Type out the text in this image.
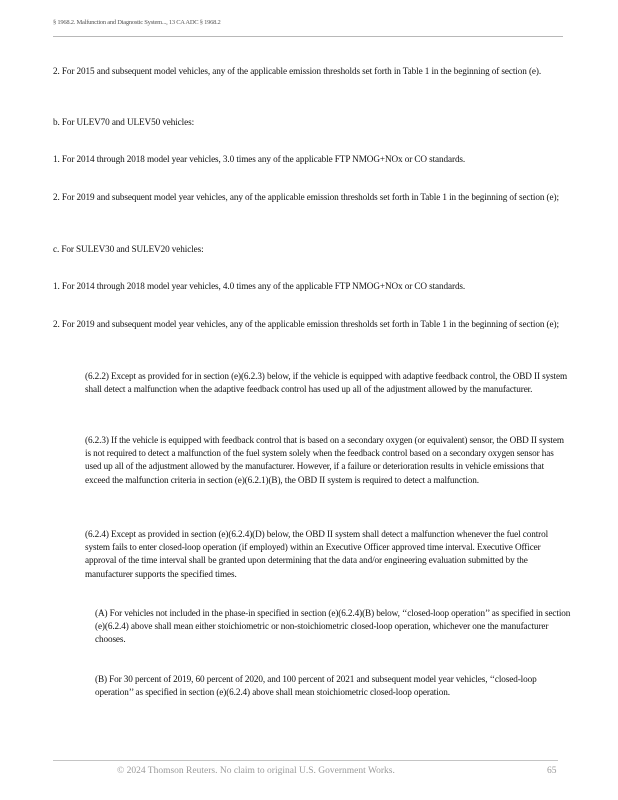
§ 1968.2. Malfunction and Diagnostic System..., 13 CA ADC § 1968.2

2. For 2015 and subsequent model vehicles, any of the applicable emission thresholds set forth in Table 1 in the beginning of section (e).

b. For ULEV70 and ULEV50 vehicles:

1. For 2014 through 2018 model year vehicles, 3.0 times any of the applicable FTP NMOG+NOx or CO standards.

2. For 2019 and subsequent model year vehicles, any of the applicable emission thresholds set forth in Table 1 in the beginning of section (e);

c. For SULEV30 and SULEV20 vehicles:

1. For 2014 through 2018 model year vehicles, 4.0 times any of the applicable FTP NMOG+NOx or CO standards.

2. For 2019 and subsequent model year vehicles, any of the applicable emission thresholds set forth in Table 1 in the beginning of section (e);

(6.2.2) Except as provided for in section (e)(6.2.3) below, if the vehicle is equipped with adaptive feedback control, the OBD II system shall detect a malfunction when the adaptive feedback control has used up all of the adjustment allowed by the manufacturer.

(6.2.3) If the vehicle is equipped with feedback control that is based on a secondary oxygen (or equivalent) sensor, the OBD II system is not required to detect a malfunction of the fuel system solely when the feedback control based on a secondary oxygen sensor has used up all of the adjustment allowed by the manufacturer. However, if a failure or deterioration results in vehicle emissions that exceed the malfunction criteria in section (e)(6.2.1)(B), the OBD II system is required to detect a malfunction.

(6.2.4) Except as provided in section (e)(6.2.4)(D) below, the OBD II system shall detect a malfunction whenever the fuel control system fails to enter closed-loop operation (if employed) within an Executive Officer approved time interval. Executive Officer approval of the time interval shall be granted upon determining that the data and/or engineering evaluation submitted by the manufacturer supports the specified times.

(A) For vehicles not included in the phase-in specified in section (e)(6.2.4)(B) below, ‘‘closed-loop operation’’ as specified in section (e)(6.2.4) above shall mean either stoichiometric or non-stoichiometric closed-loop operation, whichever one the manufacturer chooses.

(B) For 30 percent of 2019, 60 percent of 2020, and 100 percent of 2021 and subsequent model year vehicles, ‘‘closed-loop operation’’ as specified in section (e)(6.2.4) above shall mean stoichiometric closed-loop operation.

© 2024 Thomson Reuters. No claim to original U.S. Government Works.	65
